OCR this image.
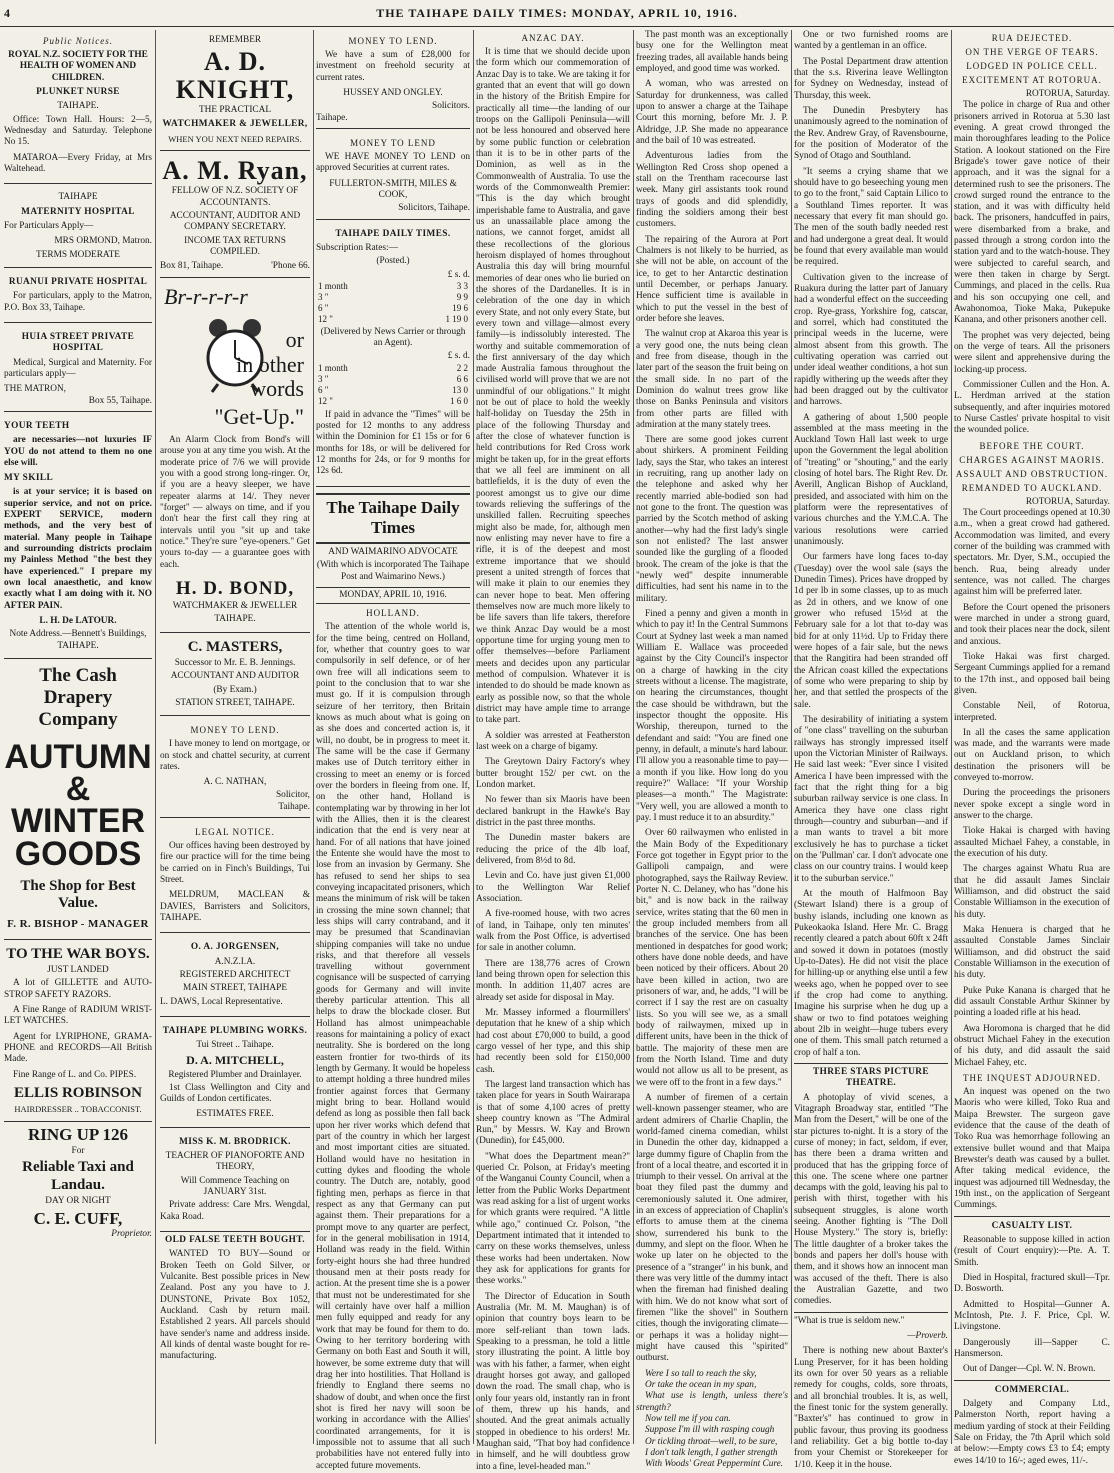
4	THE TAIHAPE DAILY TIMES: MONDAY, APRIL 10, 1916.
Public Notices.
ROYAL N.Z. SOCIETY FOR THE HEALTH OF WOMEN AND CHILDREN.
PLUNKET NURSE
TAIHAPE.

Office: Town Hall. Hours: 2—5, Wednesday and Saturday. Telephone No 15.

MATAROA—Every Friday, at Mrs Waltehead.

TAIHAPE
MATERNITY HOSPITAL

For Particulars Apply—

MRS ORMOND, Matron.
TERMS MODERATE
RUANUI PRIVATE HOSPITAL

For particulars, apply to the Matron, P.O. Box 33, Taihape.

HUIA STREET PRIVATE HOSPITAL

Medical, Surgical and Maternity. For particulars apply—

THE MATRON,
Box 55, Taihape.
YOUR TEETH

are necessaries—not luxuries IF YOU do not attend to them no one else will.

MY SKILL

is at your service; it is based on superior service, and not on price. EXPERT SERVICE, modern methods, and the very best of material. Many people in Taihape and surrounding districts proclaim my Painless Method "the best they have experienced." I prepare my own local anaesthetic, and know exactly what I am doing with it. NO AFTER PAIN.

L. H. De LATOUR.
Note Address.—Bennett's Buildings, TAIHAPE.
The Cash Drapery
Company
AUTUMN &
WINTER
GOODS
The Shop for Best Value.
F. R. BISHOP - MANAGER
TO THE WAR BOYS.
JUST LANDED

A lot of GILLETTE and AUTO-STROP SAFETY RAZORS.

A Fine Range of RADIUM WRIST-LET WATCHES.

Agent for LYRIPHONE, GRAMA-PHONE and RECORDS—All British Made.

Fine Range of L. and Co. PIPES.

ELLIS ROBINSON
HAIRDRESSER .. TOBACCONIST.
RING UP 126
For
Reliable Taxi and
Landau.
DAY OR NIGHT
C. E. CUFF,
Proprietor.
REMEMBER
A. D. KNIGHT,
THE PRACTICAL
WATCHMAKER & JEWELLER,
WHEN YOU NEXT NEED REPAIRS.
A. M. Ryan,
FELLOW OF N.Z. SOCIETY OF ACCOUNTANTS.
ACCOUNTANT, AUDITOR AND COMPANY SECRETARY.
INCOME TAX RETURNS COMPILED.
Box 81, Taihape.	'Phone 66.
Br-r-r-r-r
or
in other
words
"Get-Up."

An Alarm Clock from Bond's will arouse you at any time you wish. At the moderate price of 7/6 we will provide you with a good strong long-ringer. Or, if you are a heavy sleeper, we have repeater alarms at 14/. They never "forget" — always on time, and if you don't hear the first call they ring at intervals until you "sit up and take notice." They're sure "eye-openers." Get yours to-day — a guarantee goes with each.

H. D. BOND,
WATCHMAKER & JEWELLER
TAIHAPE.
C. MASTERS,
Successor to Mr. E. B. Jennings.
ACCOUNTANT AND AUDITOR
(By Exam.)
STATION STREET, TAIHAPE.
MONEY TO LEND.

I have money to lend on mortgage, or on stock and chattel security, at current rates.

A. C. NATHAN,
Solicitor,
Taihape.
LEGAL NOTICE.

Our offices having been destroyed by fire our practice will for the time being be carried on in Finch's Buildings, Tui Street.

MELDRUM, MACLEAN & DAVIES, Barristers and Solicitors, TAIHAPE.

O. A. JORGENSEN,
A.N.Z.I.A.
REGISTERED ARCHITECT
MAIN STREET, TAIHAPE

L. DAWS, Local Representative.

TAIHAPE PLUMBING WORKS.
Tui Street .. Taihape.
D. A. MITCHELL,
Registered Plumber and Drainlayer.

1st Class Wellington and City and Guilds of London certificates.

ESTIMATES FREE.
MISS K. M. BRODRICK.
TEACHER OF PIANOFORTE AND THEORY,
Will Commence Teaching on JANUARY 31st.

Private address: Care Mrs. Wengdal, Kaka Road.

OLD FALSE TEETH BOUGHT.

WANTED TO BUY—Sound or Broken Teeth on Gold Silver, or Vulcanite. Best possible prices in New Zealand. Post any you have to J. DUNSTONE, Private Box 1052, Auckland. Cash by return mail. Established 2 years. All parcels should have sender's name and address inside. All kinds of dental waste bought for re-manufacturing.

MONEY TO LEND.

We have a sum of £28,000 for investment on freehold security at current rates.

HUSSEY AND ONGLEY.
Solicitors.
Taihape.
MONEY TO LEND

WE HAVE MONEY TO LEND on approved Securities at current rates.

FULLERTON-SMITH, MILES & COOK,
Solicitors, Taihape.
TAIHAPE DAILY TIMES.
Subscription Rates:—
(Posted.)
£ s. d.
1 month	3 3
3 "	9 9
6 "	19 6
12 "	1 19 0
(Delivered by News Carrier or through an Agent).
£ s. d.
1 month	2 2
3 "	6 6
6 "	13 0
12 "	1 6 0

If paid in advance the "Times" will be posted for 12 months to any address within the Dominion for £1 15s or for 6 months for 18s, or will be delivered for 12 months for 24s, or for 9 months for 12s 6d.

The Taihape Daily Times
AND WAIMARINO ADVOCATE
(With which is incorporated The Taihape Post and Waimarino News.)
MONDAY, APRIL 10, 1916.
HOLLAND.

The attention of the whole world is, for the time being, centred on Holland, for, whether that country goes to war compulsorily in self defence, or of her own free will all indications seem to point to the conclusion that to war she must go. If it is compulsion through seizure of her territory, then Britain knows as much about what is going on as she does and concerted action is, it will, no doubt, be in progress to meet it. The same will be the case if Germany makes use of Dutch territory either in crossing to meet an enemy or is forced over the borders in fleeing from one. If, on the other hand, Holland is contemplating war by throwing in her lot with the Allies, then it is the clearest indication that the end is very near at hand. For of all nations that have joined the Entente she would have the most to lose from an invasion by Germany. She has refused to send her ships to sea conveying incapacitated prisoners, which means the minimum of risk will be taken in crossing the mine sown channel; that less ships will carry contraband, and it may be presumed that Scandinavian shipping companies will take no undue risks, and that therefore all vessels travelling without government cognisance will be suspected of carrying goods for Germany and will invite thereby particular attention. This all helps to draw the blockade closer. But Holland has almost unimpeachable reasons for maintaining a policy of exact neutrality. She is bordered on the long eastern frontier for two-thirds of its length by Germany. It would be hopeless to attempt holding a three hundred miles frontier against forces that Germany might bring to bear. Holland would defend as long as possible then fall back upon her river works which defend that part of the country in which her largest and most important cities are situated. Holland would have no hesitation in cutting dykes and flooding the whole country. The Dutch are, notably, good fighting men, perhaps as fierce in that respect as any that Germany can put against them. Their preparations for a prompt move to any quarter are perfect, for in the general mobilisation in 1914, Holland was ready in the field. Within forty-eight hours she had three hundred thousand men at their posts ready for action. At the present time she is a power that must not be underestimated for she will certainly have over half a million men fully equipped and ready for any work that may be found for them to do. Owing to her territory bordering with Germany on both East and South it will, however, be some extreme duty that will drag her into hostilities. That Holland is friendly to England there seems no shadow of doubt, and when once the first shot is fired her navy will soon be working in accordance with the Allies' coordinated arrangements, for it is impossible not to assume that all such probabilities have not entered fully into accepted future movements.

ANZAC DAY.

It is time that we should decide upon the form which our commemoration of Anzac Day is to take. We are taking it for granted that an event that will go down in the history of the British Empire for practically all time—the landing of our troops on the Gallipoli Peninsula—will not be less honoured and observed here by some public function or celebration than it is to be in other parts of the Dominion, as well as in the Commonwealth of Australia. To use the words of the Commonwealth Premier: "This is the day which brought imperishable fame to Australia, and gave us an unassailable place among the nations, we cannot forget, amidst all these recollections of the glorious heroism displayed of homes throughout Australia this day will bring mournful memories of dear ones who lie buried on the shores of the Dardanelles. It is in celebration of the one day in which every State, and not only every State, but every town and village—almost every family—is indissolubly interested. The worthy and suitable commemoration of the first anniversary of the day which made Australia famous throughout the civilised world will prove that we are not unmindful of our obligations." It might not be out of place to hold the weekly half-holiday on Tuesday the 25th in place of the following Thursday and after the close of whatever function is held contributions for Red Cross work might be taken up, for in the great efforts that we all feel are imminent on all battlefields, it is the duty of even the poorest amongst us to give our dime towards relieving the sufferings of the unskilled fallen. Recruiting speeches might also be made, for, although men now enlisting may never have to fire a rifle, it is of the deepest and most extreme importance that we should present a united strength of forces that will make it plain to our enemies they can never hope to beat. Men offering themselves now are much more likely to be life savers than life takers, therefore we think Anzac Day would be a most opportune time for urging young men to offer themselves—before Parliament meets and decides upon any particular method of compulsion. Whatever it is intended to do should be made known as early as possible now, so that the whole district may have ample time to arrange to take part.

A soldier was arrested at Featherston last week on a charge of bigamy.

The Greytown Dairy Factory's whey butter brought 152/ per cwt. on the London market.

No fewer than six Maoris have been declared bankrupt in the Hawke's Bay district in the past three months.

The Dunedin master bakers are reducing the price of the 4lb loaf, delivered, from 8½d to 8d.

Levin and Co. have just given £1,000 to the Wellington War Relief Association.

A five-roomed house, with two acres of land, in Taihape, only ten minutes' walk from the Post Office, is advertised for sale in another column.

There are 138,776 acres of Crown land being thrown open for selection this month. In addition 11,407 acres are already set aside for disposal in May.

Mr. Massey informed a flourmillers' deputation that he knew of a ship which had cost about £70,000 to build, a good cargo vessel of her type, and this ship had recently been sold for £150,000 cash.

The largest land transaction which has taken place for years in South Wairarapa is that of some 4,100 acres of pretty sheep country known as "The Admiral Run," by Messrs. W. Kay and Brown (Dunedin), for £45,000.

"What does the Department mean?" queried Cr. Polson, at Friday's meeting of the Wanganui County Council, when a letter from the Public Works Department was read asking for a list of urgent works for which grants were required. "A little while ago," continued Cr. Polson, "the Department intimated that it intended to carry on these works themselves, unless these works had been undertaken. Now they ask for applications for grants for these works."

The Director of Education in South Australia (Mr. M. M. Maughan) is of opinion that country boys learn to be more self-reliant than town lads. Speaking to a pressman, he told a little story illustrating the point. A little boy was with his father, a farmer, when eight draught horses got away, and galloped down the road. The small chap, who is only four years old, instantly ran in front of them, threw up his hands, and shouted. And the great animals actually stopped in obedience to his orders! Mr. Maughan said, "That boy had confidence in himself, and he will doubtless grow into a fine, level-headed man."

The past month was an exceptionally busy one for the Wellington meat freezing trades, all available hands being employed, and good time was worked.

A woman, who was arrested on Saturday for drunkenness, was called upon to answer a charge at the Taihape Court this morning, before Mr. J. P. Aldridge, J.P. She made no appearance and the bail of 10 was estreated.

Adventurous ladies from the Wellington Red Cross shop opened a stall on the Trentham racecourse last week. Many girl assistants took round trays of goods and did splendidly, finding the soldiers among their best customers.

The repairing of the Aurora at Port Chalmers is not likely to be hurried, as she will not be able, on account of the ice, to get to her Antarctic destination until December, or perhaps January. Hence sufficient time is available in which to put the vessel in the best of order before she leaves.

The walnut crop at Akaroa this year is a very good one, the nuts being clean and free from disease, though in the later part of the season the fruit being on the small side. In no part of the Dominion do walnut trees grow like those on Banks Peninsula and visitors from other parts are filled with admiration at the many stately trees.

There are some good jokes current about shirkers. A prominent Feilding lady, says the Star, who takes an interest in recruiting, rang up another lady on the telephone and asked why her recently married able-bodied son had not gone to the front. The question was parried by the Scotch method of asking another—why had the first lady's single son not enlisted? The last answer sounded like the gurgling of a flooded brook. The cream of the joke is that the "newly wed" despite innumerable difficulties, had sent his name in to the military.

Fined a penny and given a month in which to pay it! In the Central Summons Court at Sydney last week a man named William E. Wallace was proceeded against by the City Council's inspector on a charge of hawking in the city streets without a license. The magistrate, on hearing the circumstances, thought the case should be withdrawn, but the inspector thought the opposite. His Worship, thereupon, turned to the defendant and said: "You are fined one penny, in default, a minute's hard labour. I'll allow you a reasonable time to pay—a month if you like. How long do you require?" Wallace: "If your Worship pleases—a month." The Magistrate: "Very well, you are allowed a month to pay. I must reduce it to an absurdity."

Over 60 railwaymen who enlisted in the Main Body of the Expeditionary Force got together in Egypt prior to the Gallipoli campaign, and were photographed, says the Railway Review. Porter N. C. Delaney, who has "done his bit," and is now back in the railway service, writes stating that the 60 men in the group included members from all branches of the service. One has been mentioned in despatches for good work; others have done noble deeds, and have been noticed by their officers. About 20 have been killed in action, two are prisoners of war, and, he adds, "I will be correct if I say the rest are on casualty lists. So you will see we, as a small body of railwaymen, mixed up in different units, have been in the thick of battle. The majority of these men are from the North Island. Time and duty would not allow us all to be present, as we were off to the front in a few days."

A number of firemen of a certain well-known passenger steamer, who are ardent admirers of Charlie Chaplin, the world-famed cinema comedian, whilst in Dunedin the other day, kidnapped a large dummy figure of Chaplin from the front of a local theatre, and escorted it in triumph to their vessel. On arrival at the boat they filed past the dummy and ceremoniously saluted it. One admirer, in an excess of appreciation of Chaplin's efforts to amuse them at the cinema show, surrendered his bunk to the dummy, and slept on the floor. When he woke up later on he objected to the presence of a "stranger" in his bunk, and there was very little of the dummy intact when the fireman had finished dealing with him. We do not know what sort of firemen "like the shovel" in Southern cities, though the invigorating climate—or perhaps it was a holiday night—might have caused this "spirited" outburst.

Were I so tall to reach the sky,
Or take the ocean in my span,
What use is length, unless there's strength?
Now tell me if you can.
Suppose I'm ill with rasping cough
Or tickling throat—well, to be sure,
I don't talk length, I gather strength
With Woods' Great Peppermint Cure.

One or two furnished rooms are wanted by a gentleman in an office.

The Postal Department draw attention that the s.s. Riverina leave Wellington for Sydney on Wednesday, instead of Thursday, this week.

The Dunedin Presbytery has unanimously agreed to the nomination of the Rev. Andrew Gray, of Ravensbourne, for the position of Moderator of the Synod of Otago and Southland.

"It seems a crying shame that we should have to go beseeching young men to go to the front," said Captain Lilico to a Southland Times reporter. It was necessary that every fit man should go. The men of the south badly needed rest and had undergone a great deal. It would be found that every available man would be required.

Cultivation given to the increase of Ruakura during the latter part of January had a wonderful effect on the succeeding crop. Rye-grass, Yorkshire fog, catscar, and sorrel, which had constituted the principal weeds in the lucerne, were almost absent from this growth. The cultivating operation was carried out under ideal weather conditions, a hot sun rapidly withering up the weeds after they had been dragged out by the cultivator and harrows.

A gathering of about 1,500 people assembled at the mass meeting in the Auckland Town Hall last week to urge upon the Government the legal abolition of "treating" or "shouting," and the early closing of hotel bars. The Right Rev. Dr. Averill, Anglican Bishop of Auckland, presided, and associated with him on the platform were the representatives of various churches and the Y.M.C.A. The various resolutions were carried unanimously.

Our farmers have long faces to-day (Tuesday) over the wool sale (says the Dunedin Times). Prices have dropped by 1d per lb in some classes, up to as much as 2d in others, and we know of one grower who refused 15½d at the February sale for a lot that to-day was bid for at only 11½d. Up to Friday there were hopes of a fair sale, but the news that the Rangitira had been stranded off the African coast killed the expectations of some who were preparing to ship by her, and that settled the prospects of the sale.

The desirability of initiating a system of "one class" travelling on the suburban railways has strongly impressed itself upon the Victorian Minister of Railways. He said last week: "Ever since I visited America I have been impressed with the fact that the right thing for a big suburban railway service is one class. In America they have one class right through—country and suburban—and if a man wants to travel a bit more exclusively he has to purchase a ticket on the 'Pullman' car. I don't advocate one class on our country trains. I would keep it to the suburban service."

At the mouth of Halfmoon Bay (Stewart Island) there is a group of bushy islands, including one known as Pukeokaoka Island. Here Mr. C. Bragg recently cleared a patch about 60ft x 24ft and sowed it down in potatoes (mostly Up-to-Dates). He did not visit the place for hilling-up or anything else until a few weeks ago, when he popped over to see if the crop had come to anything. Imagine his surprise when he dug up a shaw or two to find potatoes weighing about 2lb in weight—huge tubers every one of them. This small patch returned a crop of half a ton.

THREE STARS PICTURE THEATRE.

A photoplay of vivid scenes, a Vitagraph Broadway star, entitled "The Man from the Desert," will be one of the star pictures to-night. It is a story of the curse of money; in fact, seldom, if ever, has there been a drama written and produced that has the gripping force of this one. The scene where one partner decamps with the gold, leaving his pal to perish with thirst, together with his subsequent struggles, is alone worth seeing. Another fighting is "The Doll House Mystery." The story is, briefly: The little daughter of a broker takes the bonds and papers her doll's house with them, and it shows how an innocent man was accused of the theft. There is also the Australian Gazette, and two comedies.

"What is true is seldom new."

—Proverb.

There is nothing new about Baxter's Lung Preserver, for it has been holding its own for over 50 years as a reliable remedy for coughs, colds, sore throats, and all bronchial troubles. It is, as well, the finest tonic for the system generally. "Baxter's" has continued to grow in public favour, thus proving its goodness and reliability. Get a big bottle to-day from your Chemist or Storekeeper for 1/10. Keep it in the house.

RUA DEJECTED.
ON THE VERGE OF TEARS.
LODGED IN POLICE CELL.
EXCITEMENT AT ROTORUA.
ROTORUA, Saturday.

The police in charge of Rua and other prisoners arrived in Rotorua at 5.30 last evening. A great crowd thronged the main thoroughfares leading to the Police Station. A lookout stationed on the Fire Brigade's tower gave notice of their approach, and it was the signal for a determined rush to see the prisoners. The crowd surged round the entrance to the station, and it was with difficulty held back. The prisoners, handcuffed in pairs, were disembarked from a brake, and passed through a strong cordon into the station yard and to the watch-house. They were subjected to careful search, and were then taken in charge by Sergt. Cummings, and placed in the cells. Rua and his son occupying one cell, and Awahonomoa, Tioke Maka, Pukepuke Kanana, and other prisoners another cell.

The prophet was very dejected, being on the verge of tears. All the prisoners were silent and apprehensive during the locking-up process.

Commissioner Cullen and the Hon. A. L. Herdman arrived at the station subsequently, and after inquiries motored to Nurse Castles' private hospital to visit the wounded police.

BEFORE THE COURT.
CHARGES AGAINST MAORIS.
ASSAULT AND OBSTRUCTION.
REMANDED TO AUCKLAND.
ROTORUA, Saturday.

The Court proceedings opened at 10.30 a.m., when a great crowd had gathered. Accommodation was limited, and every corner of the building was crammed with spectators. Mr. Dyer, S.M., occupied the bench. Rua, being already under sentence, was not called. The charges against him will be preferred later.

Before the Court opened the prisoners were marched in under a strong guard, and took their places near the dock, silent and anxious.

Tioke Hakai was first charged. Sergeant Cummings applied for a remand to the 17th inst., and opposed bail being given.

Constable Neil, of Rotorua, interpreted.

In all the cases the same application was made, and the warrants were made out on Auckland prison, to which destination the prisoners will be conveyed to-morrow.

During the proceedings the prisoners never spoke except a single word in answer to the charge.

Tioke Hakai is charged with having assaulted Michael Fahey, a constable, in the execution of his duty.

The charges against Whatu Rua are that he did assault James Sinclair Williamson, and did obstruct the said Constable Williamson in the execution of his duty.

Maka Henuera is charged that he assaulted Constable James Sinclair Williamson, and did obstruct the said Constable Williamson in the execution of his duty.

Puke Puke Kanana is charged that he did assault Constable Arthur Skinner by pointing a loaded rifle at his head.

Awa Horomona is charged that he did obstruct Michael Fahey in the execution of his duty, and did assault the said Michael Fahey, etc.

THE INQUEST ADJOURNED.

An inquest was opened on the two Maoris who were killed, Toko Rua and Maipa Brewster. The surgeon gave evidence that the cause of the death of Toko Rua was hemorrhage following an extensive bullet wound and that Maipa Brewster's death was caused by a bullet. After taking medical evidence, the inquest was adjourned till Wednesday, the 19th inst., on the application of Sergeant Cummings.

CASUALTY LIST.

Reasonable to suppose killed in action (result of Court enquiry):—Pte. A. T. Smith.

Died in Hospital, fractured skull—Tpr. D. Bosworth.

Admitted to Hospital—Gunner A. McIntosh, Pte. J. F. Price, Cpl. W. Livingstone.

Dangerously ill—Sapper C. Hansmerson.

Out of Danger—Cpl. W. N. Brown.

COMMERCIAL.

Dalgety and Company Ltd., Palmerston North, report having a medium yarding of stock at their Feilding Sale on Friday, the 7th April which sold at below:—Empty cows £3 to £4; empty ewes 14/10 to 16/-; aged ewes, 11/-.
